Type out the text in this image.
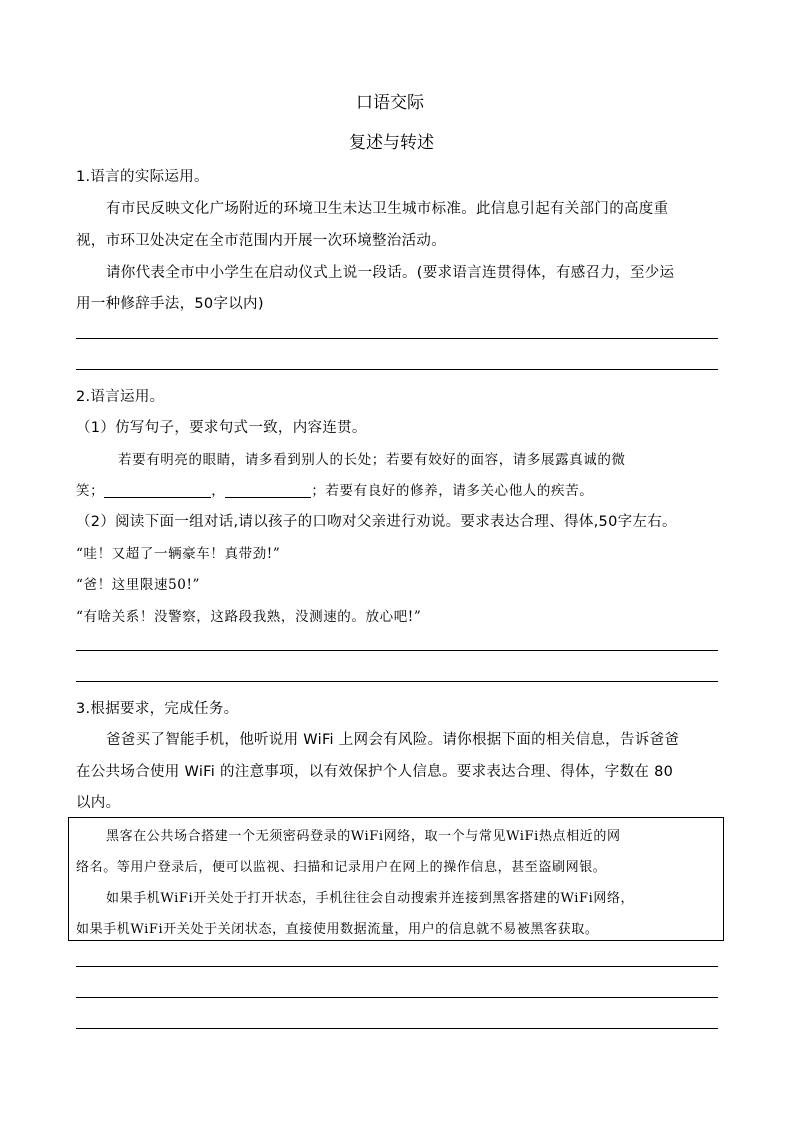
口语交际
复述与转述
1.语言的实际运用。
有市民反映文化广场附近的环境卫生未达卫生城市标准。此信息引起有关部门的高度重
视，市环卫处决定在全市范围内开展一次环境整治活动。
请你代表全市中小学生在启动仪式上说一段话。(要求语言连贯得体，有感召力，至少运
用一种修辞手法，50字以内)
2.语言运用。
（1）仿写句子，要求句式一致，内容连贯。
若要有明亮的眼睛，请多看到别人的长处；若要有姣好的面容，请多展露真诚的微
笑；	，	；若要有良好的修养，请多关心他人的疾苦。
（2）阅读下面一组对话,请以孩子的口吻对父亲进行劝说。要求表达合理、得体,50字左右。
“哇！又超了一辆豪车！真带劲!”
“爸！这里限速50!”
“有啥关系！没警察，这路段我熟，没测速的。放心吧!”
3.根据要求，完成任务。
爸爸买了智能手机，他听说用 WiFi 上网会有风险。请你根据下面的相关信息，告诉爸爸
在公共场合使用 WiFi 的注意事项，以有效保护个人信息。要求表达合理、得体，字数在 80
以内。
黑客在公共场合搭建一个无须密码登录的WiFi网络，取一个与常见WiFi热点相近的网
络名。等用户登录后，便可以监视、扫描和记录用户在网上的操作信息，甚至盗刷网银。
如果手机WiFi开关处于打开状态，手机往往会自动搜索并连接到黑客搭建的WiFi网络，
如果手机WiFi开关处于关闭状态，直接使用数据流量，用户的信息就不易被黑客获取。
